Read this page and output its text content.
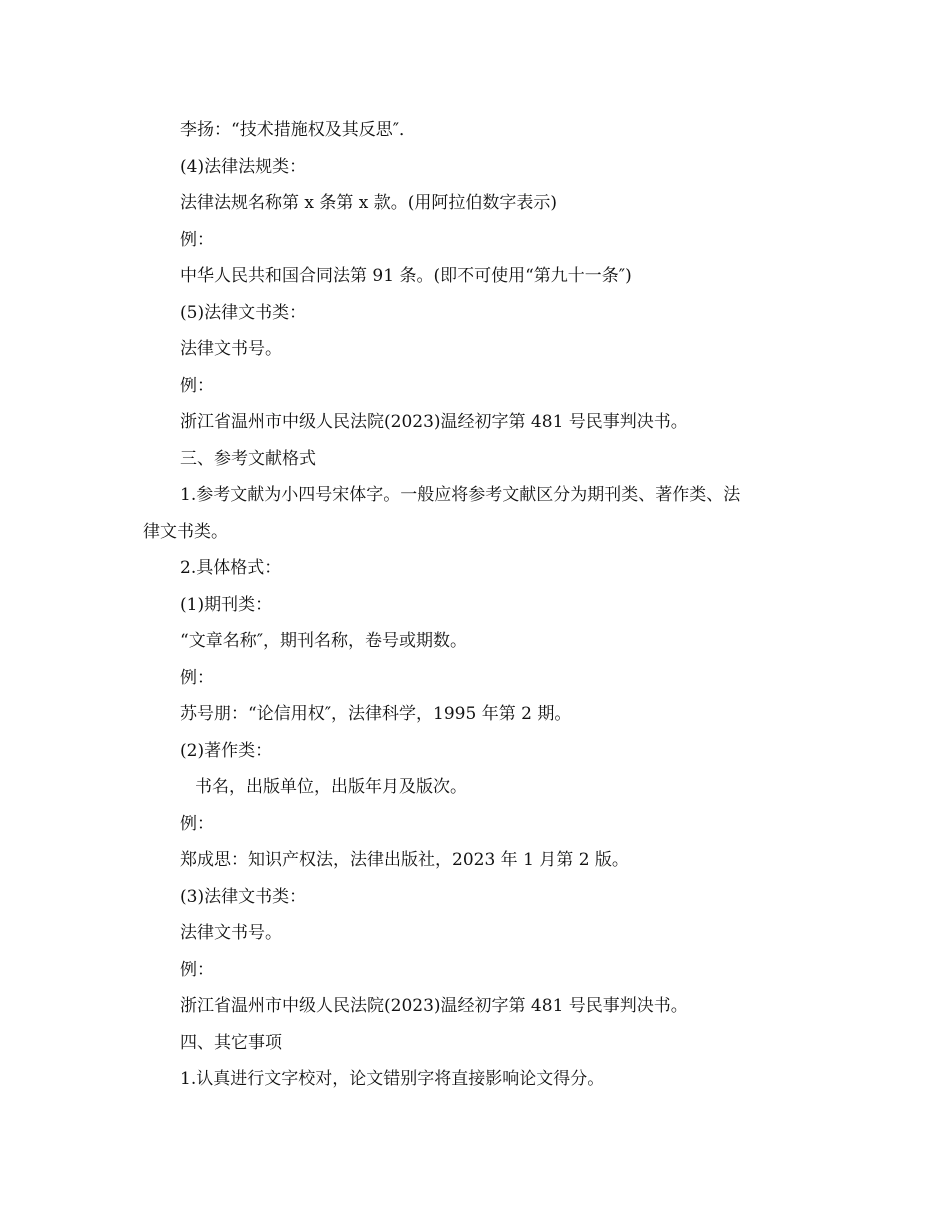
李扬：“技术措施权及其反思″．
(4)法律法规类：
法律法规名称第 x 条第 x 款。(用阿拉伯数字表示)
例：
中华人民共和国合同法第 91 条。(即不可使用“第九十一条″)
(5)法律文书类：
法律文书号。
例：
浙江省温州市中级人民法院(2023)温经初字第 481 号民事判决书。
三、参考文献格式
1.参考文献为小四号宋体字。一般应将参考文献区分为期刊类、著作类、法
律文书类。
2.具体格式：
(1)期刊类：
“文章名称″，期刊名称，卷号或期数。
例：
苏号朋：“论信用权″，法律科学，1995 年第 2 期。
(2)著作类：
书名，出版单位，出版年月及版次。
例：
郑成思：知识产权法，法律出版社，2023 年 1 月第 2 版。
(3)法律文书类：
法律文书号。
例：
浙江省温州市中级人民法院(2023)温经初字第 481 号民事判决书。
四、其它事项
1.认真进行文字校对，论文错别字将直接影响论文得分。
